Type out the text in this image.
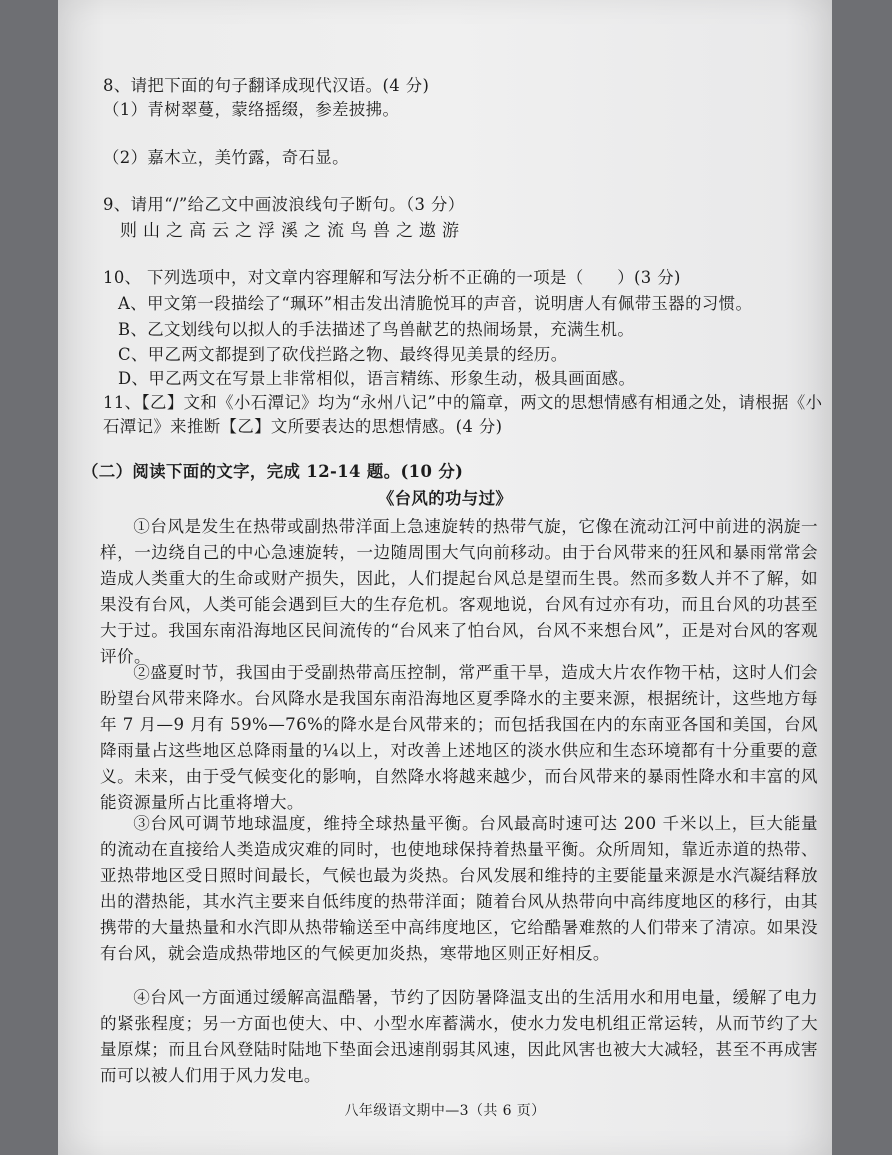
8、请把下面的句子翻译成现代汉语。(4 分)
（1）青树翠蔓，蒙络摇缀，参差披拂。
（2）嘉木立，美竹露，奇石显。
9、请用“/”给乙文中画波浪线句子断句。（3 分）
则山之高云之浮溪之流鸟兽之遨游
10、 下列选项中，对文章内容理解和写法分析不正确的一项是（　　）(3 分)
A、甲文第一段描绘了“珮环”相击发出清脆悦耳的声音，说明唐人有佩带玉器的习惯。
B、乙文划线句以拟人的手法描述了鸟兽献艺的热闹场景，充满生机。
C、甲乙两文都提到了砍伐拦路之物、最终得见美景的经历。
D、甲乙两文在写景上非常相似，语言精练、形象生动，极具画面感。
11、【乙】文和《小石潭记》均为“永州八记”中的篇章，两文的思想情感有相通之处，请根据《小
石潭记》来推断【乙】文所要表达的思想情感。(4 分)
（二）阅读下面的文字，完成 12-14 题。(10 分)
《台风的功与过》
①台风是发生在热带或副热带洋面上急速旋转的热带气旋，它像在流动江河中前进的涡旋一样，一边绕自己的中心急速旋转，一边随周围大气向前移动。由于台风带来的狂风和暴雨常常会造成人类重大的生命或财产损失，因此，人们提起台风总是望而生畏。然而多数人并不了解，如果没有台风，人类可能会遇到巨大的生存危机。客观地说，台风有过亦有功，而且台风的功甚至大于过。我国东南沿海地区民间流传的“台风来了怕台风，台风不来想台风”，正是对台风的客观评价。
②盛夏时节，我国由于受副热带高压控制，常严重干旱，造成大片农作物干枯，这时人们会盼望台风带来降水。台风降水是我国东南沿海地区夏季降水的主要来源，根据统计，这些地方每年 7 月—9 月有 59%—76%的降水是台风带来的；而包括我国在内的东南亚各国和美国，台风降雨量占这些地区总降雨量的¼以上，对改善上述地区的淡水供应和生态环境都有十分重要的意义。未来，由于受气候变化的影响，自然降水将越来越少，而台风带来的暴雨性降水和丰富的风能资源量所占比重将增大。
③台风可调节地球温度，维持全球热量平衡。台风最高时速可达 200 千米以上，巨大能量的流动在直接给人类造成灾难的同时，也使地球保持着热量平衡。众所周知，靠近赤道的热带、亚热带地区受日照时间最长，气候也最为炎热。台风发展和维持的主要能量来源是水汽凝结释放出的潜热能，其水汽主要来自低纬度的热带洋面；随着台风从热带向中高纬度地区的移行，由其携带的大量热量和水汽即从热带输送至中高纬度地区，它给酷暑难熬的人们带来了清凉。如果没有台风，就会造成热带地区的气候更加炎热，寒带地区则正好相反。
④台风一方面通过缓解高温酷暑，节约了因防暑降温支出的生活用水和用电量，缓解了电力的紧张程度；另一方面也使大、中、小型水库蓄满水，使水力发电机组正常运转，从而节约了大量原煤；而且台风登陆时陆地下垫面会迅速削弱其风速，因此风害也被大大减轻，甚至不再成害而可以被人们用于风力发电。
八年级语文期中—3（共 6 页）
